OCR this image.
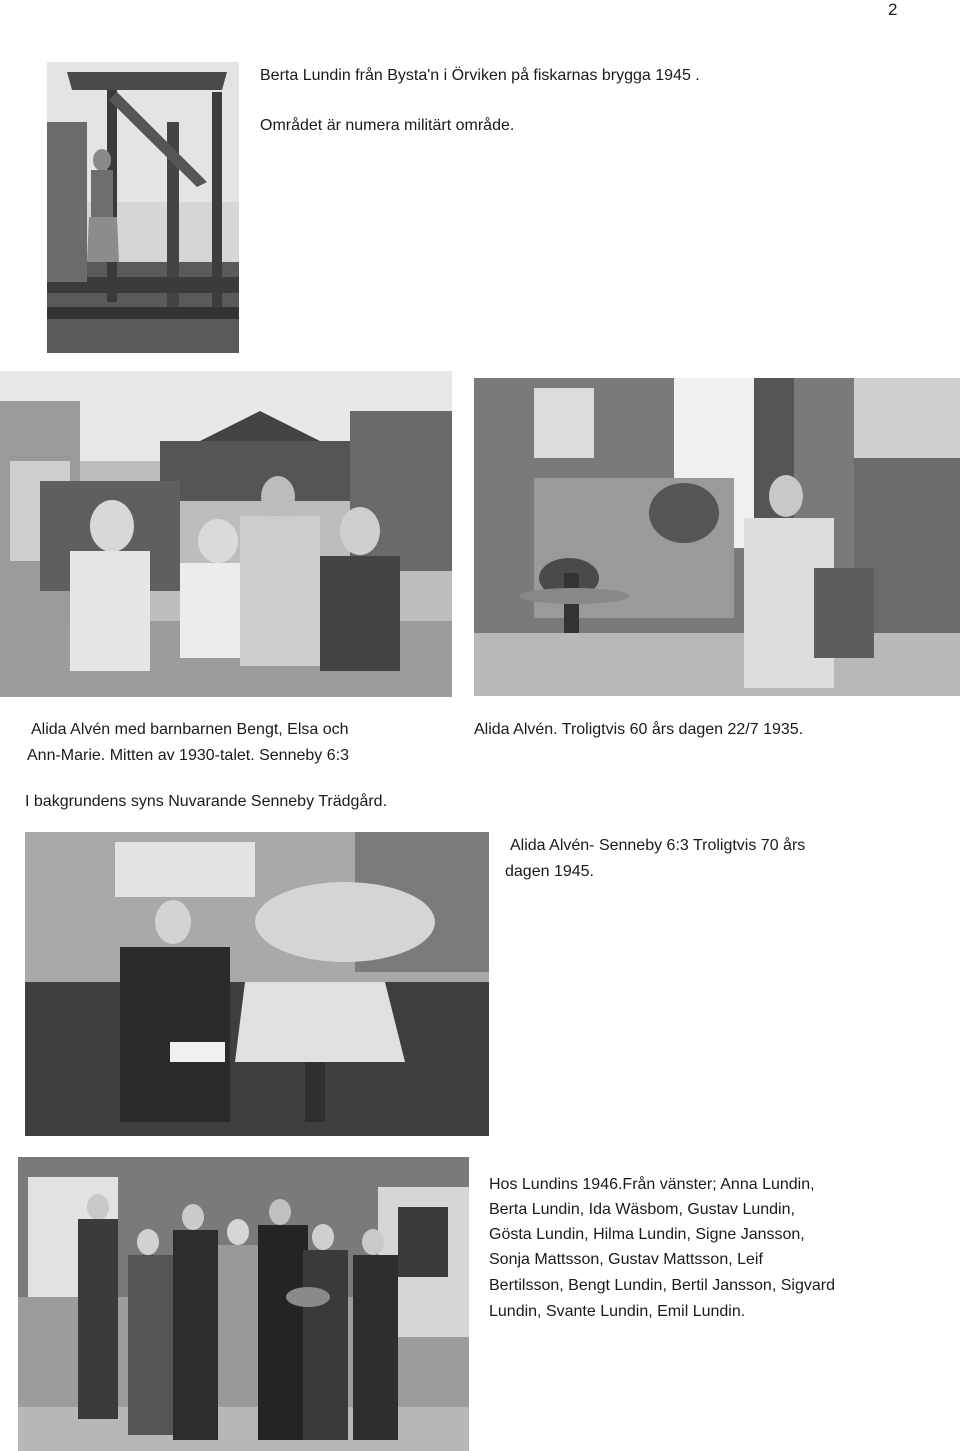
2
Berta Lundin från Bysta'n i Örviken på fiskarnas brygga 1945 .
Området är numera militärt område.
Alida Alvén med barnbarnen Bengt, Elsa och
Ann-Marie. Mitten av 1930-talet. Senneby 6:3
Alida Alvén. Troligtvis 60 års dagen 22/7 1935.
I bakgrundens syns Nuvarande Senneby Trädgård.
Alida Alvén- Senneby 6:3 Troligtvis 70 års
dagen 1945.
Hos Lundins 1946.Från vänster; Anna Lundin,
Berta Lundin, Ida Wäsbom, Gustav Lundin,
Gösta Lundin, Hilma Lundin, Signe Jansson,
Sonja Mattsson, Gustav Mattsson, Leif
Bertilsson, Bengt Lundin, Bertil Jansson, Sigvard
Lundin, Svante Lundin, Emil Lundin.
